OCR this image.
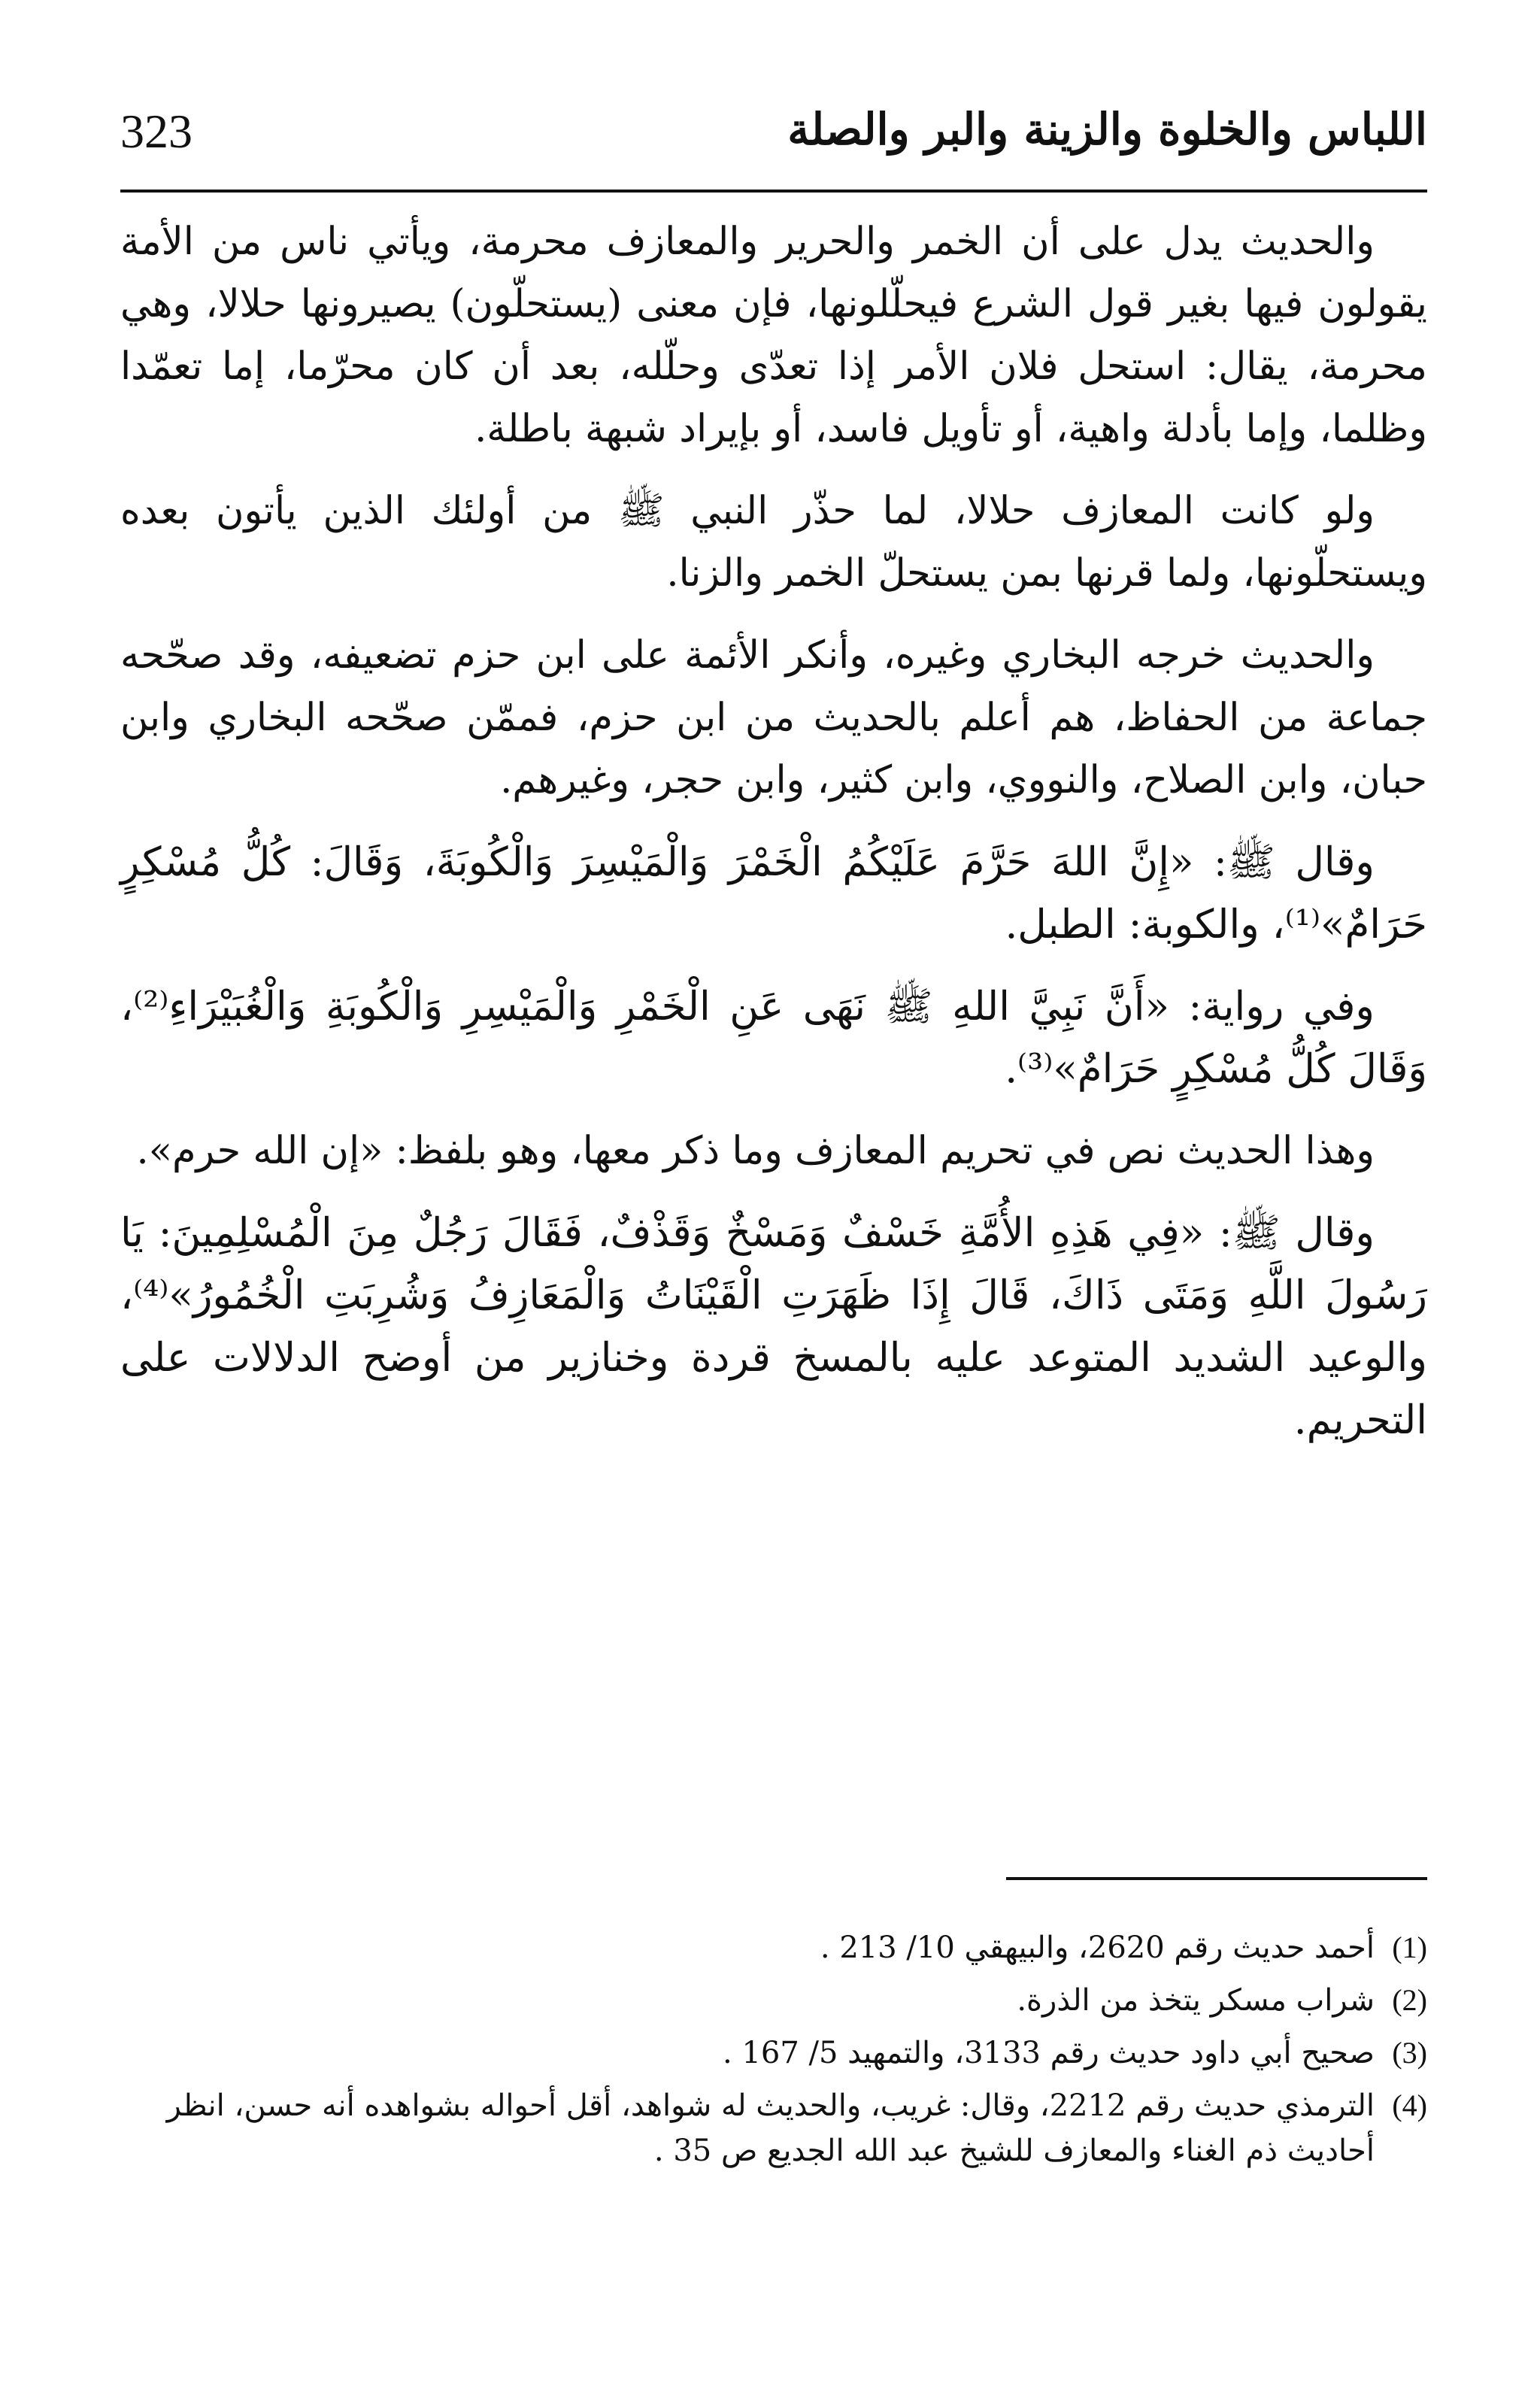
323	اللباس والخلوة والزينة والبر والصلة

والحديث يدل على أن الخمر والحرير والمعازف محرمة، ويأتي ناس من الأمة يقولون فيها بغير قول الشرع فيحلّلونها، فإن معنى (يستحلّون) يصيرونها حلالا، وهي محرمة، يقال: استحل فلان الأمر إذا تعدّى وحلّله، بعد أن كان محرّما، إما تعمّدا وظلما، وإما بأدلة واهية، أو تأويل فاسد، أو بإيراد شبهة باطلة.

ولو كانت المعازف حلالا، لما حذّر النبي ﷺ من أولئك الذين يأتون بعده ويستحلّونها، ولما قرنها بمن يستحلّ الخمر والزنا.

والحديث خرجه البخاري وغيره، وأنكر الأئمة على ابن حزم تضعيفه، وقد صحّحه جماعة من الحفاظ، هم أعلم بالحديث من ابن حزم، فممّن صحّحه البخاري وابن حبان، وابن الصلاح، والنووي، وابن كثير، وابن حجر، وغيرهم.

وقال ﷺ: «إِنَّ اللهَ حَرَّمَ عَلَيْكُمُ الْخَمْرَ وَالْمَيْسِرَ وَالْكُوبَةَ، وَقَالَ: كُلُّ مُسْكِرٍ حَرَامٌ»⁽¹⁾، والكوبة: الطبل.

وفي رواية: «أَنَّ نَبِيَّ اللهِ ﷺ نَهَى عَنِ الْخَمْرِ وَالْمَيْسِرِ وَالْكُوبَةِ وَالْغُبَيْرَاءِ⁽²⁾، وَقَالَ كُلُّ مُسْكِرٍ حَرَامٌ»⁽³⁾.

وهذا الحديث نص في تحريم المعازف وما ذكر معها، وهو بلفظ: «إن الله حرم».

وقال ﷺ: «فِي هَذِهِ الأُمَّةِ خَسْفٌ وَمَسْخٌ وَقَذْفٌ، فَقَالَ رَجُلٌ مِنَ الْمُسْلِمِينَ: يَا رَسُولَ اللَّهِ وَمَتَى ذَاكَ، قَالَ إِذَا ظَهَرَتِ الْقَيْنَاتُ وَالْمَعَازِفُ وَشُرِبَتِ الْخُمُورُ»⁽⁴⁾، والوعيد الشديد المتوعد عليه بالمسخ قردة وخنازير من أوضح الدلالات على التحريم.

(1)
أحمد حديث رقم 2620، والبيهقي 10/ 213 .
(2)
شراب مسكر يتخذ من الذرة.
(3)
صحيح أبي داود حديث رقم 3133، والتمهيد 5/ 167 .
(4)
الترمذي حديث رقم 2212، وقال: غريب، والحديث له شواهد، أقل أحواله بشواهده أنه حسن، انظر أحاديث ذم الغناء والمعازف للشيخ عبد الله الجديع ص 35 .
